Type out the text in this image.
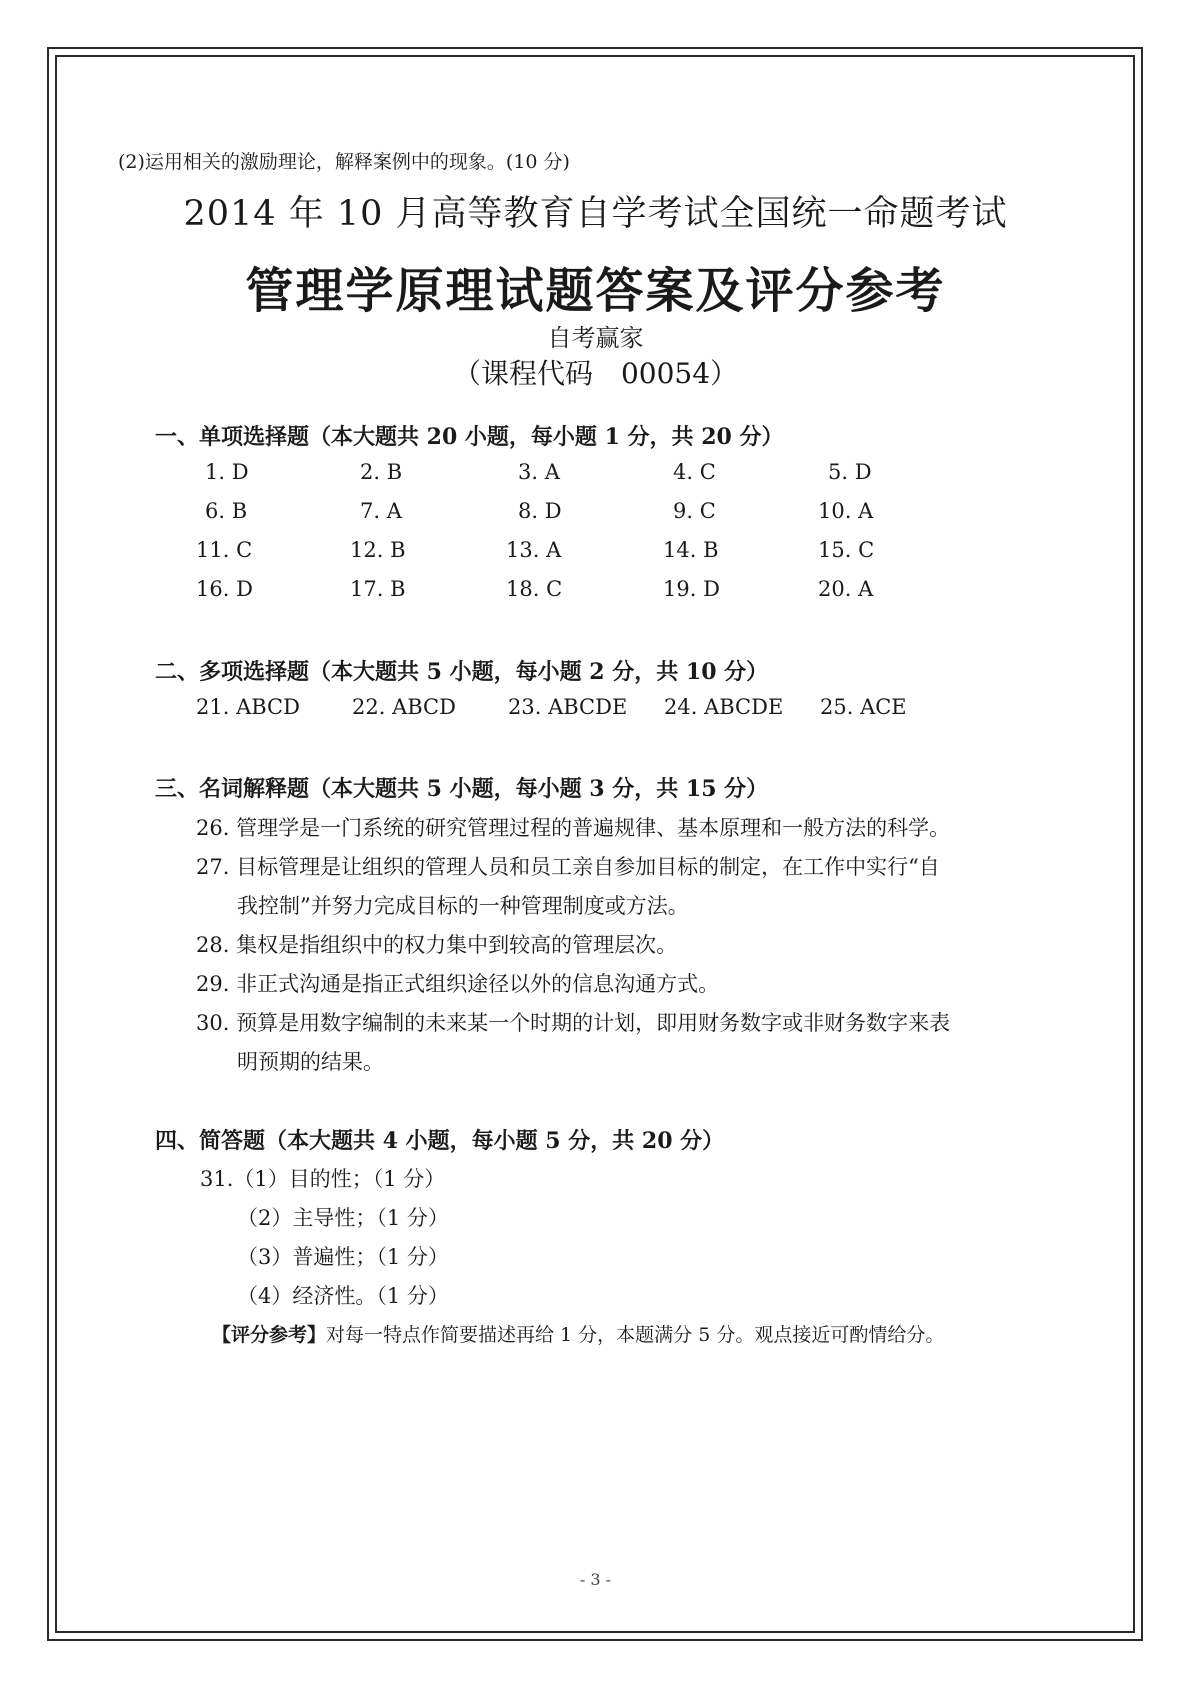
(2)运用相关的激励理论，解释案例中的现象。(10 分)
2014 年 10 月高等教育自学考试全国统一命题考试
管理学原理试题答案及评分参考
自考赢家
（课程代码　00054）
一、单项选择题（本大题共 20 小题，每小题 1 分，共 20 分）
1. D	2. B	3. A	4. C	5. D
6. B	7. A	8. D	9. C	10. A
11. C	12. B	13. A	14. B	15. C
16. D	17. B	18. C	19. D	20. A
二、多项选择题（本大题共 5 小题，每小题 2 分，共 10 分）
21. ABCD 22. ABCD 23. ABCDE 24. ABCDE 25. ACE
三、名词解释题（本大题共 5 小题，每小题 3 分，共 15 分）
26. 管理学是一门系统的研究管理过程的普遍规律、基本原理和一般方法的科学。
27. 目标管理是让组织的管理人员和员工亲自参加目标的制定，在工作中实行“自
我控制”并努力完成目标的一种管理制度或方法。
28. 集权是指组织中的权力集中到较高的管理层次。
29. 非正式沟通是指正式组织途径以外的信息沟通方式。
30. 预算是用数字编制的未来某一个时期的计划，即用财务数字或非财务数字来表
明预期的结果。
四、简答题（本大题共 4 小题，每小题 5 分，共 20 分）
31.（1）目的性；（1 分）
（2）主导性；（1 分）
（3）普遍性；（1 分）
（4）经济性。（1 分）
【评分参考】对每一特点作简要描述再给 1 分，本题满分 5 分。观点接近可酌情给分。
- 3 -
